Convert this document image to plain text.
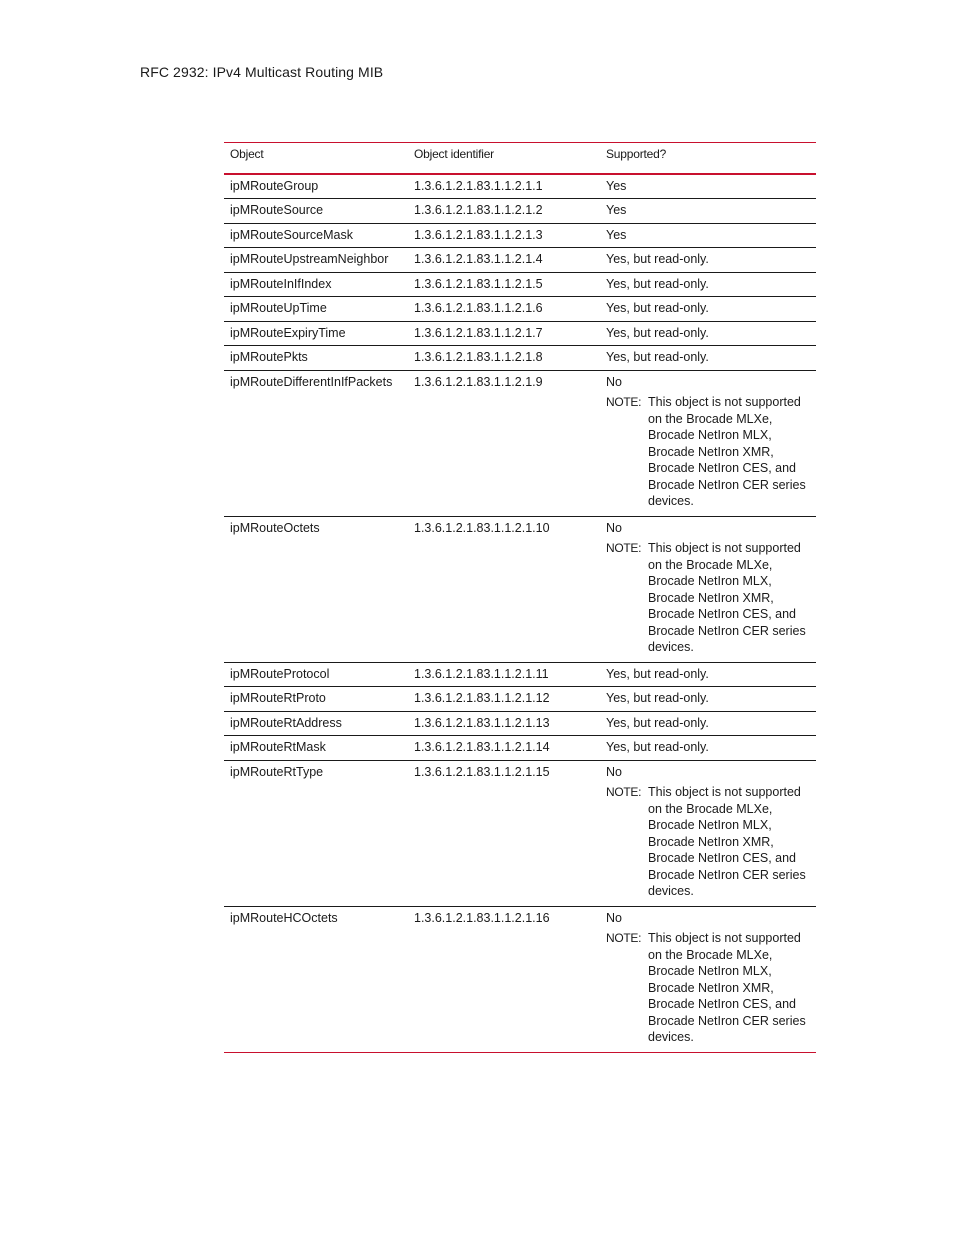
RFC 2932: IPv4 Multicast Routing MIB
Object	Object identifier	Supported?
ipMRouteGroup	1.3.6.1.2.1.83.1.1.2.1.1	Yes

ipMRouteSource	1.3.6.1.2.1.83.1.1.2.1.2	Yes

ipMRouteSourceMask	1.3.6.1.2.1.83.1.1.2.1.3	Yes

ipMRouteUpstreamNeighbor	1.3.6.1.2.1.83.1.1.2.1.4	Yes, but read-only.

ipMRouteInIfIndex	1.3.6.1.2.1.83.1.1.2.1.5	Yes, but read-only.

ipMRouteUpTime	1.3.6.1.2.1.83.1.1.2.1.6	Yes, but read-only.

ipMRouteExpiryTime	1.3.6.1.2.1.83.1.1.2.1.7	Yes, but read-only.

ipMRoutePkts	1.3.6.1.2.1.83.1.1.2.1.8	Yes, but read-only.

ipMRouteDifferentInIfPackets	1.3.6.1.2.1.83.1.1.2.1.9	No
NOTE: This object is not supported on the Brocade MLXe, Brocade NetIron MLX, Brocade NetIron XMR, Brocade NetIron CES, and Brocade NetIron CER series devices.

ipMRouteOctets	1.3.6.1.2.1.83.1.1.2.1.10	No
NOTE: This object is not supported on the Brocade MLXe, Brocade NetIron MLX, Brocade NetIron XMR, Brocade NetIron CES, and Brocade NetIron CER series devices.

ipMRouteProtocol	1.3.6.1.2.1.83.1.1.2.1.11	Yes, but read-only.

ipMRouteRtProto	1.3.6.1.2.1.83.1.1.2.1.12	Yes, but read-only.

ipMRouteRtAddress	1.3.6.1.2.1.83.1.1.2.1.13	Yes, but read-only.

ipMRouteRtMask	1.3.6.1.2.1.83.1.1.2.1.14	Yes, but read-only.

ipMRouteRtType	1.3.6.1.2.1.83.1.1.2.1.15	No
NOTE: This object is not supported on the Brocade MLXe, Brocade NetIron MLX, Brocade NetIron XMR, Brocade NetIron CES, and Brocade NetIron CER series devices.

ipMRouteHCOctets	1.3.6.1.2.1.83.1.1.2.1.16	No
NOTE: This object is not supported on the Brocade MLXe, Brocade NetIron MLX, Brocade NetIron XMR, Brocade NetIron CES, and Brocade NetIron CER series devices.
